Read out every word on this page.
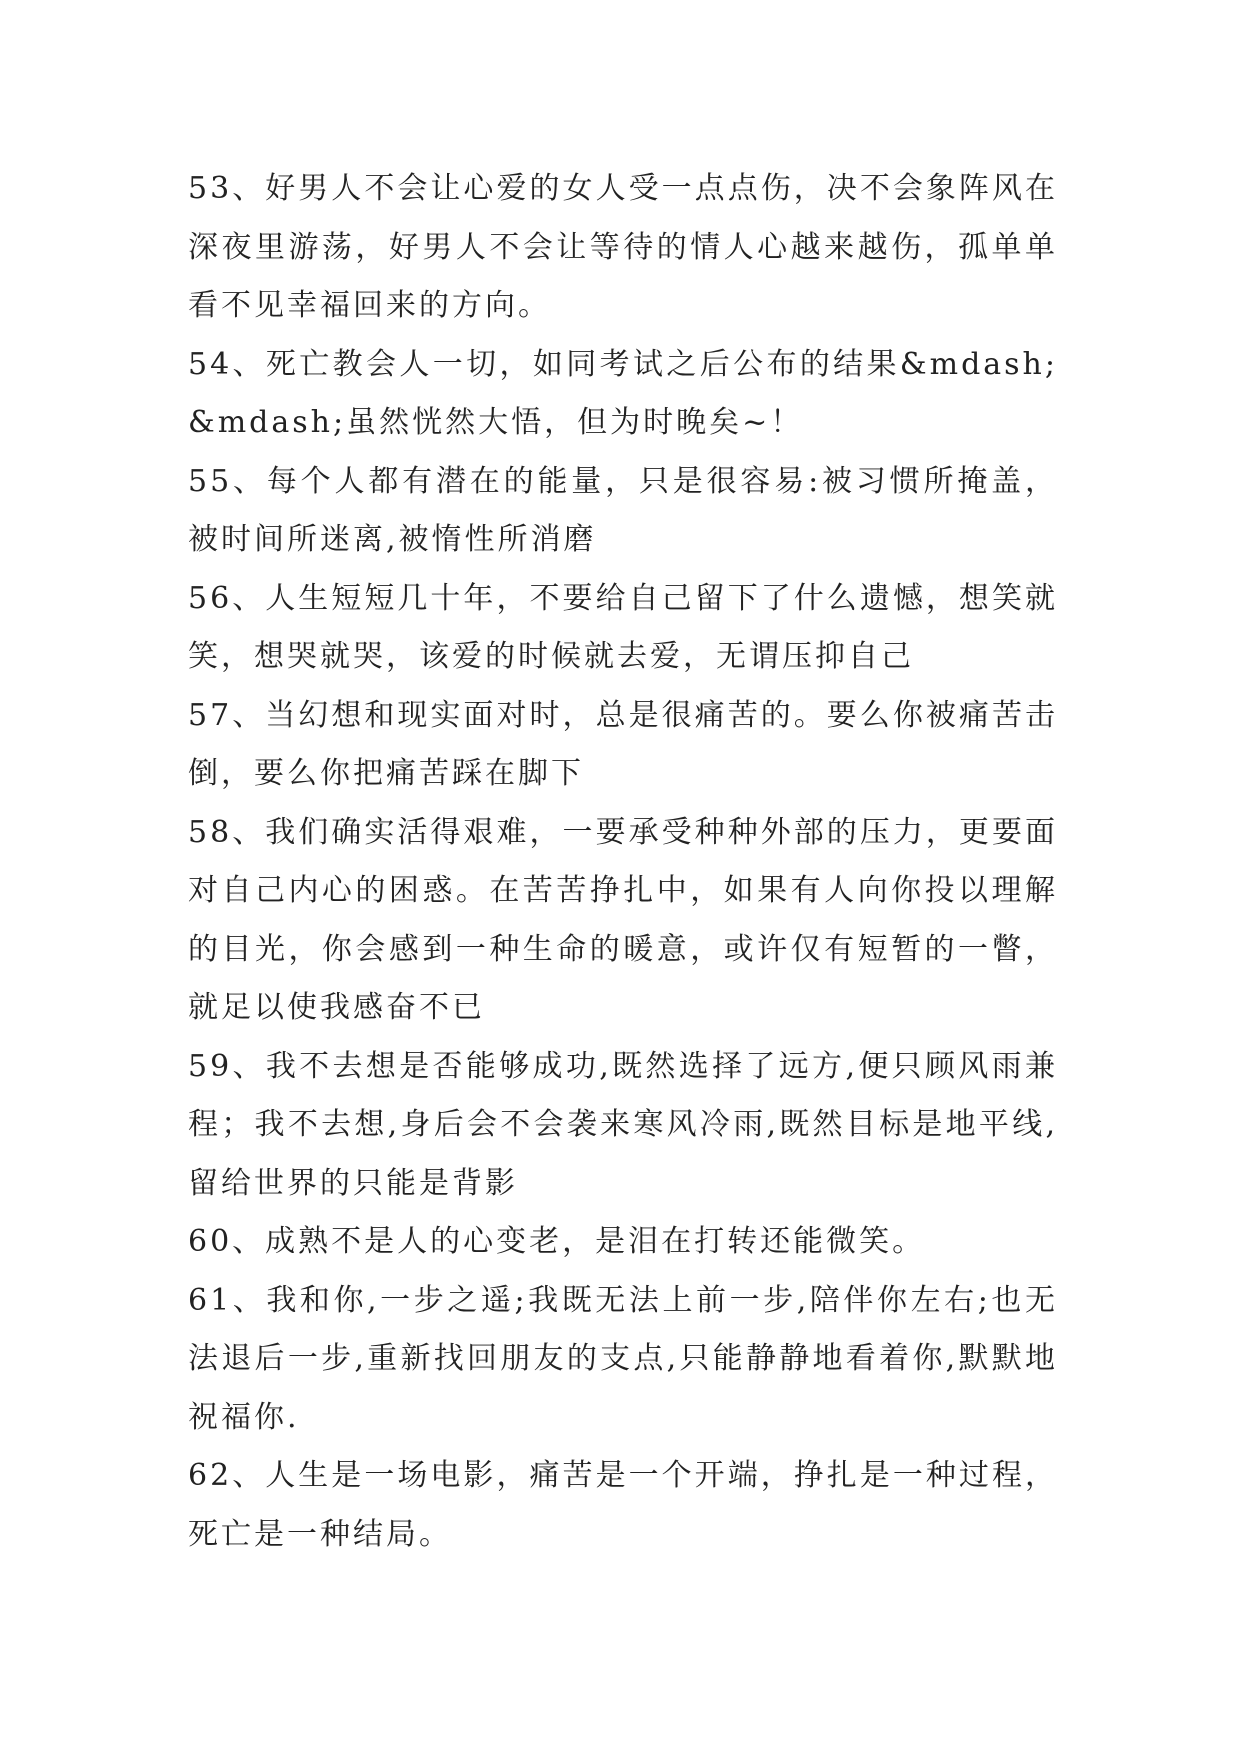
53、好男人不会让心爱的女人受一点点伤，决不会象阵风在深夜里游荡，好男人不会让等待的情人心越来越伤，孤单单看不见幸福回来的方向。

54、死亡教会人一切，如同考试之后公布的结果&mdash;&mdash;虽然恍然大悟，但为时晚矣~！

55、每个人都有潜在的能量，只是很容易:被习惯所掩盖，被时间所迷离,被惰性所消磨

56、人生短短几十年，不要给自己留下了什么遗憾，想笑就笑，想哭就哭，该爱的时候就去爱，无谓压抑自己

57、当幻想和现实面对时，总是很痛苦的。要么你被痛苦击倒，要么你把痛苦踩在脚下

58、我们确实活得艰难，一要承受种种外部的压力，更要面对自己内心的困惑。在苦苦挣扎中，如果有人向你投以理解的目光，你会感到一种生命的暖意，或许仅有短暂的一瞥，就足以使我感奋不已

59、我不去想是否能够成功,既然选择了远方,便只顾风雨兼程；我不去想,身后会不会袭来寒风冷雨,既然目标是地平线,留给世界的只能是背影

60、成熟不是人的心变老，是泪在打转还能微笑。

61、我和你,一步之遥;我既无法上前一步,陪伴你左右;也无法退后一步,重新找回朋友的支点,只能静静地看着你,默默地祝福你.

62、人生是一场电影，痛苦是一个开端，挣扎是一种过程，死亡是一种结局。
